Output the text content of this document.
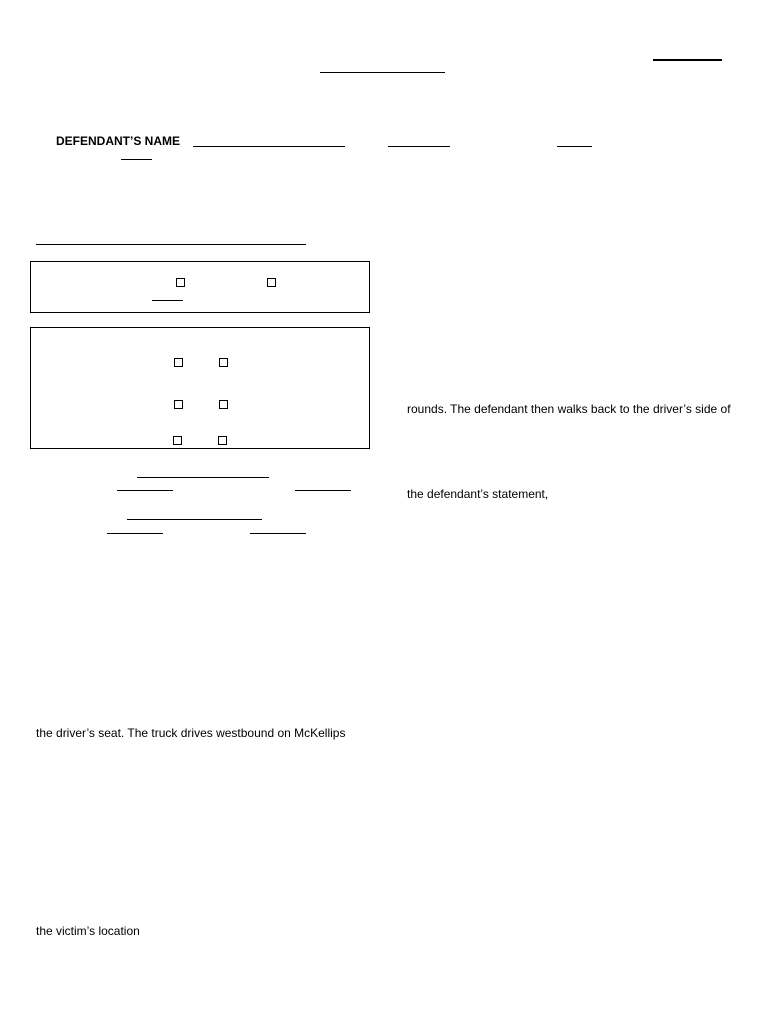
DEFENDANT’S NAME
rounds. The defendant then walks back to the driver’s side of
the defendant’s statement,
the driver’s seat. The truck drives westbound on McKellips
the victim’s location
